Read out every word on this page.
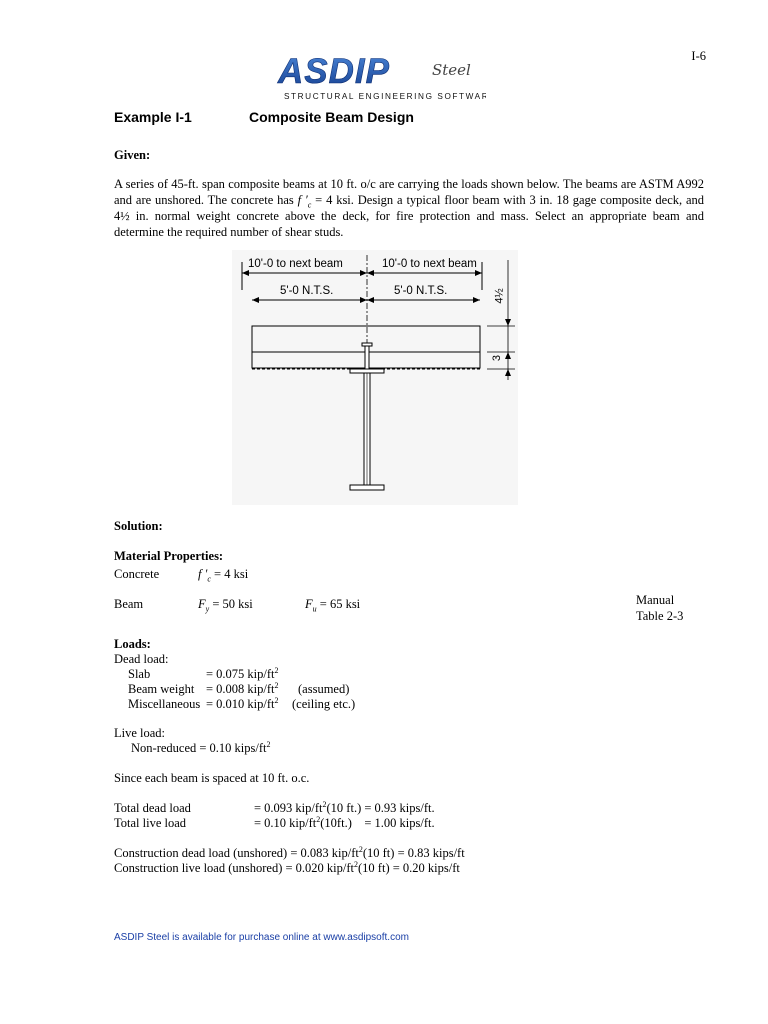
I-6
ASDIP	Steel
STRUCTURAL ENGINEERING SOFTWARE
Example I-1	Composite Beam Design
Given:

A series of 45-ft. span composite beams at 10 ft. o/c are carrying the loads shown below. The beams are ASTM A992 and are unshored. The concrete has f $'_c = 4$ ksi. Design a typical floor beam with 3 in. 18 gage composite deck, and 4½ in. normal weight concrete above the deck, for fire protection and mass. Select an appropriate beam and determine the required number of shear studs.

10'-0 to next beam	10'-0 to next beam
5'-0 N.T.S.	5'-0 N.T.S.	4½
3
Solution:
Material Properties:
Concrete	f $'_c = 4$ ksi
Beam	$F_y = 50$ ksi	$F_u = 65$ ksi	Manual
Table 2-3
Loads:
Dead load:
Slab	= 0.075 kip/$ft^2$
Beam weight = 0.008 kip/$ft^2$ (assumed)
Miscellaneous = 0.010 kip/$ft^2$ (ceiling etc.)
Live load:
Non-reduced = 0.10 kips/$ft^2$
Since each beam is spaced at 10 ft. o.c.
Total dead load	= 0.093 kip/$ft^2(10$ ft.) = 0.93 kips/ft.
Total live load	= 0.10 kip/$ft^2(10ft.)$    = 1.00 kips/ft.
Construction dead load (unshored) = 0.083 kip/$ft^2(10$ ft) = 0.83 kips/ft
Construction live load (unshored) = 0.020 kip/$ft^2(10$ ft) = 0.20 kips/ft
ASDIP Steel is available for purchase online at www.asdipsoft.com
